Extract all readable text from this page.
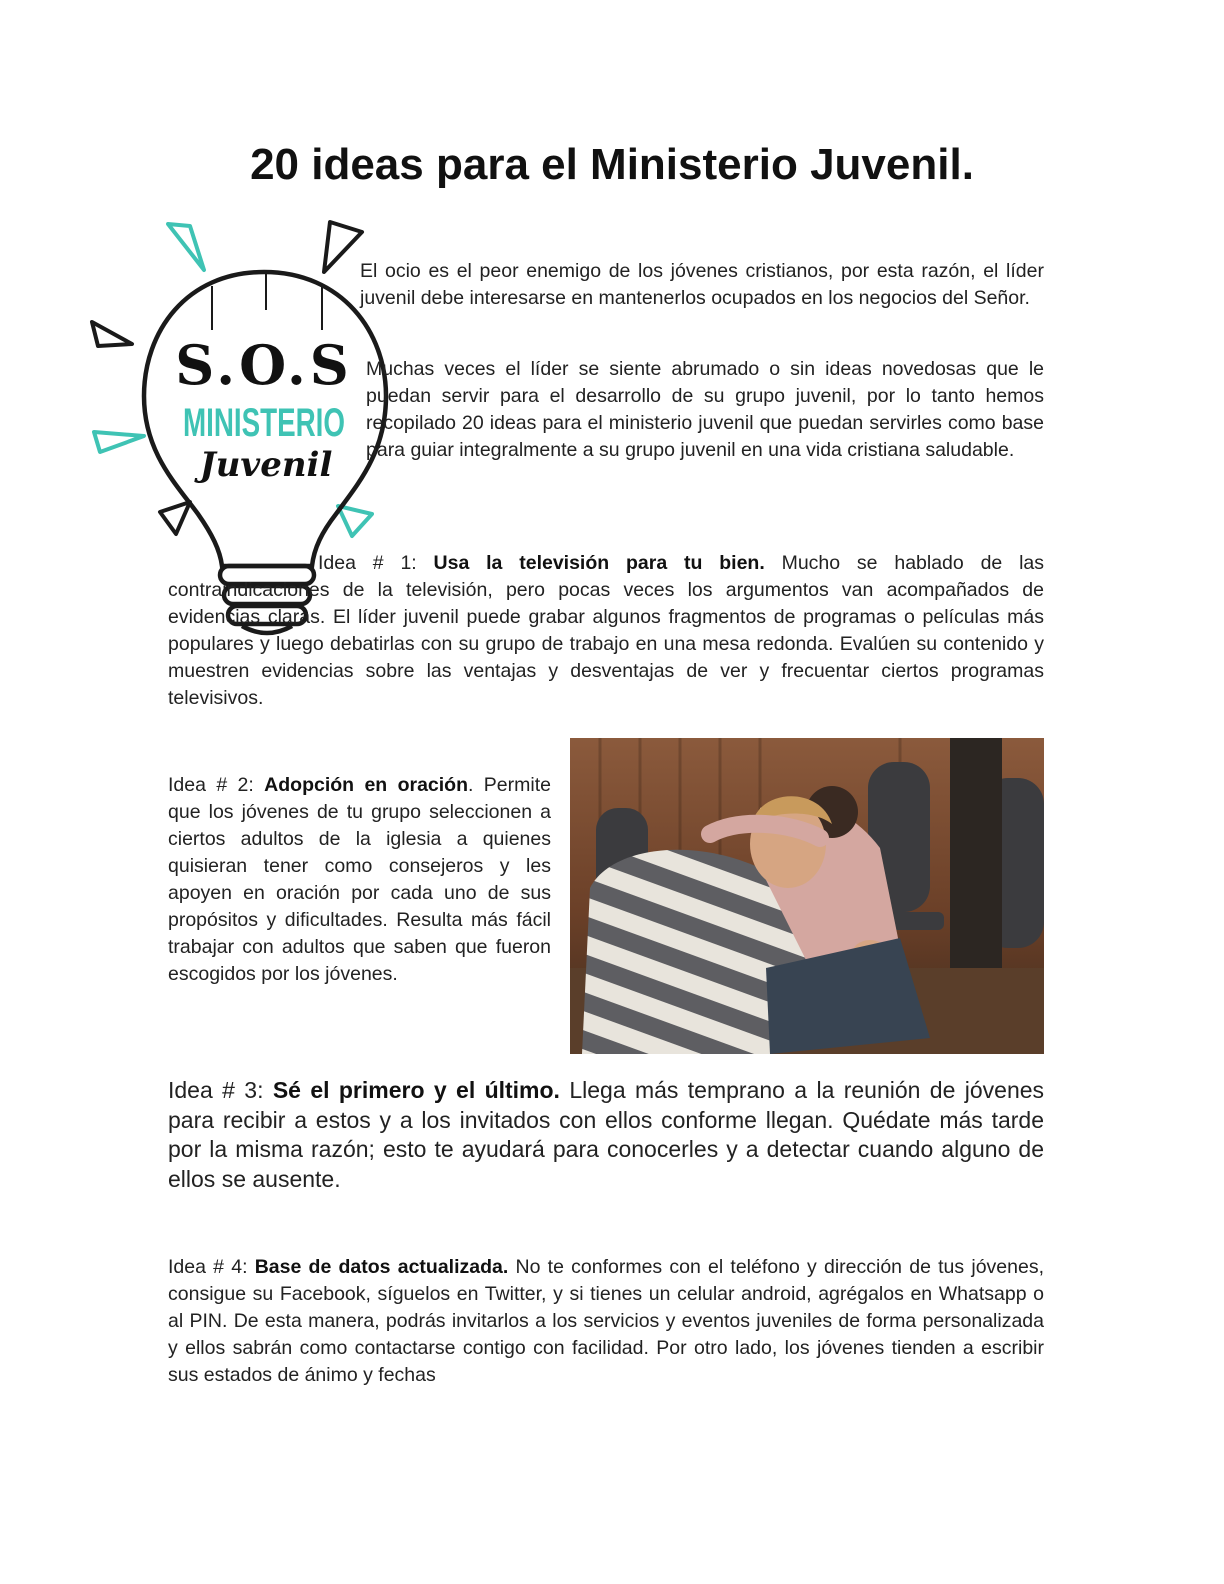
20 ideas para el Ministerio Juvenil.
S.O.S
MINISTERIO
Juvenil

El ocio es el peor enemigo de los jóvenes cristianos, por esta razón, el líder juvenil debe interesarse en mantenerlos ocupados en los negocios del Señor.

Muchas veces el líder se siente abrumado o sin ideas novedosas que le puedan servir para el desarrollo de su grupo juvenil, por lo tanto hemos recopilado 20 ideas para el ministerio juvenil que puedan servirles como base para guiar integralmente a su grupo juvenil en una vida cristiana saludable.

Idea # 1: Usa la televisión para tu bien. Mucho se hablado de las contraindicaciones de la televisión, pero pocas veces los argumentos van acompañados de evidencias claras. El líder juvenil puede grabar algunos fragmentos de programas o películas más populares y luego debatirlas con su grupo de trabajo en una mesa redonda. Evalúen su contenido y muestren evidencias sobre las ventajas y desventajas de ver y frecuentar ciertos programas televisivos.

Idea # 2: Adopción en oración. Permite que los jóvenes de tu grupo seleccionen a ciertos adultos de la iglesia a quienes quisieran tener como consejeros y les apoyen en oración por cada uno de sus propósitos y dificultades. Resulta más fácil trabajar con adultos que saben que fueron escogidos por los jóvenes.

Idea # 3: Sé el primero y el último. Llega más temprano a la reunión de jóvenes para recibir a estos y a los invitados con ellos conforme llegan. Quédate más tarde por la misma razón; esto te ayudará para conocerles y a detectar cuando alguno de ellos se ausente.

Idea # 4: Base de datos actualizada. No te conformes con el teléfono y dirección de tus jóvenes, consigue su Facebook, síguelos en Twitter, y si tienes un celular android, agrégalos en Whatsapp o al PIN. De esta manera, podrás invitarlos a los servicios y eventos juveniles de forma personalizada y ellos sabrán como contactarse contigo con facilidad. Por otro lado, los jóvenes tienden a escribir sus estados de ánimo y fechas
